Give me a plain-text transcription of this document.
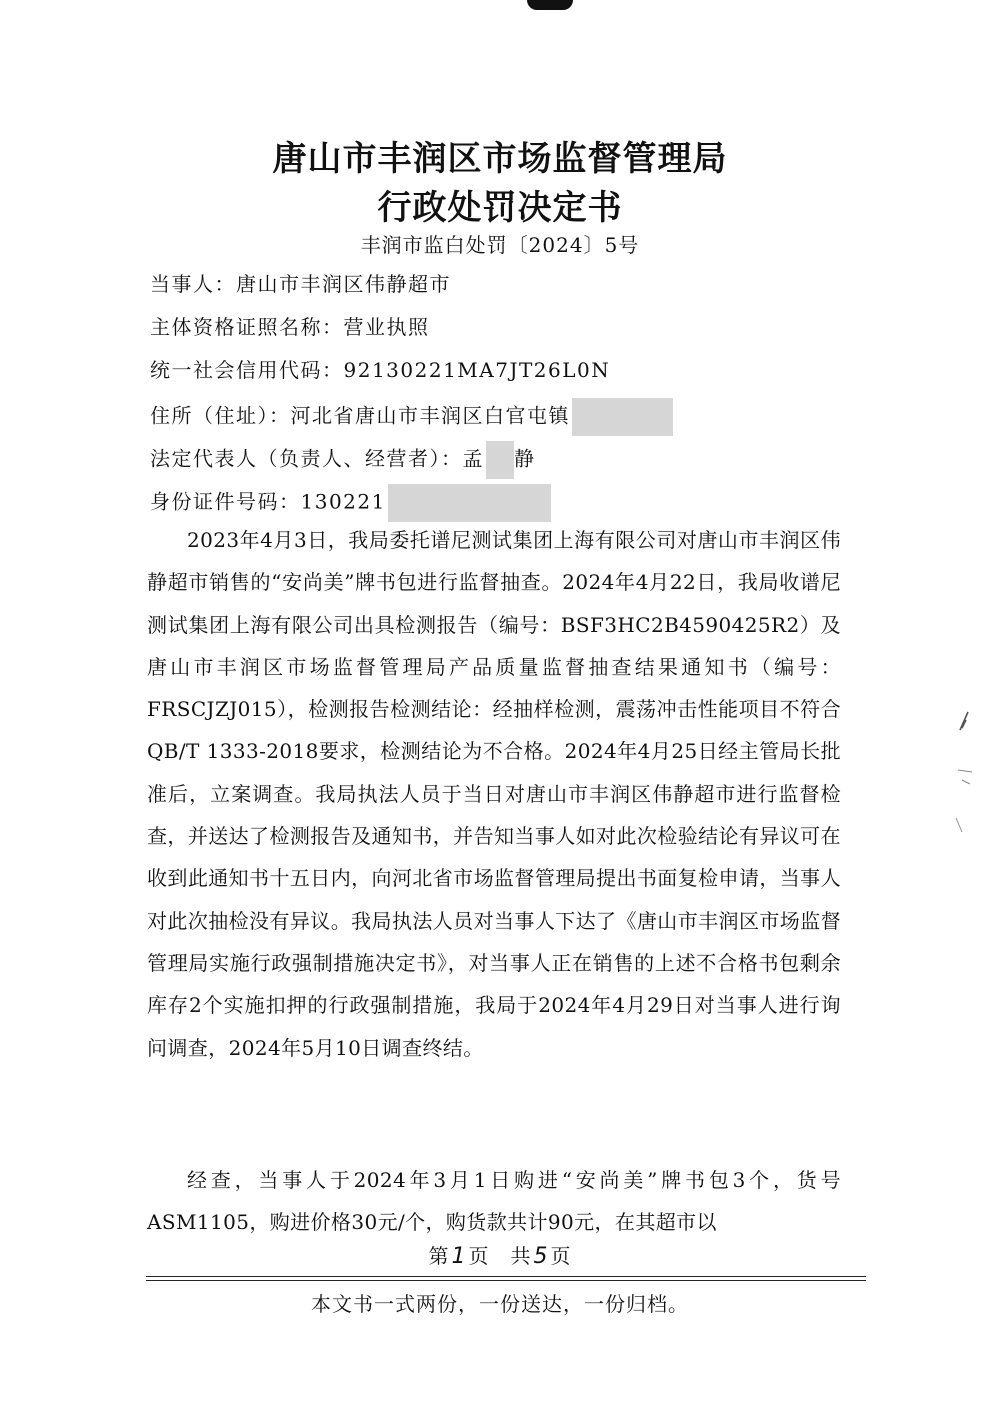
唐山市丰润区市场监督管理局
行政处罚决定书
丰润市监白处罚〔2024〕5号
当事人：唐山市丰润区伟静超市
主体资格证照名称：营业执照
统一社会信用代码：92130221MA7JT26L0N
住所（住址）：河北省唐山市丰润区白官屯镇
法定代表人（负责人、经营者）：孟 静
身份证件号码：130221

2023年4月3日，我局委托谱尼测试集团上海有限公司对唐山市丰润区伟静超市销售的“安尚美”牌书包进行监督抽查。2024年4月22日，我局收谱尼测试集团上海有限公司出具检测报告（编号：BSF3HC2B4590425R2）及唐山市丰润区市场监督管理局产品质量监督抽查结果通知书（编号：FRSCJZJ015），检测报告检测结论：经抽样检测，震荡冲击性能项目不符合QB/T 1333-2018要求，检测结论为不合格。2024年4月25日经主管局长批准后，立案调查。我局执法人员于当日对唐山市丰润区伟静超市进行监督检查，并送达了检测报告及通知书，并告知当事人如对此次检验结论有异议可在收到此通知书十五日内，向河北省市场监督管理局提出书面复检申请，当事人对此次抽检没有异议。我局执法人员对当事人下达了《唐山市丰润区市场监督管理局实施行政强制措施决定书》，对当事人正在销售的上述不合格书包剩余库存2个实施扣押的行政强制措施，我局于2024年4月29日对当事人进行询问调查，2024年5月10日调查终结。

经查，当事人于2024年3月1日购进“安尚美”牌书包3个，货号ASM1105，购进价格30元/个，购货款共计90元，在其超市以

第1 页　共5 页
本文书一式两份，一份送达，一份归档。
